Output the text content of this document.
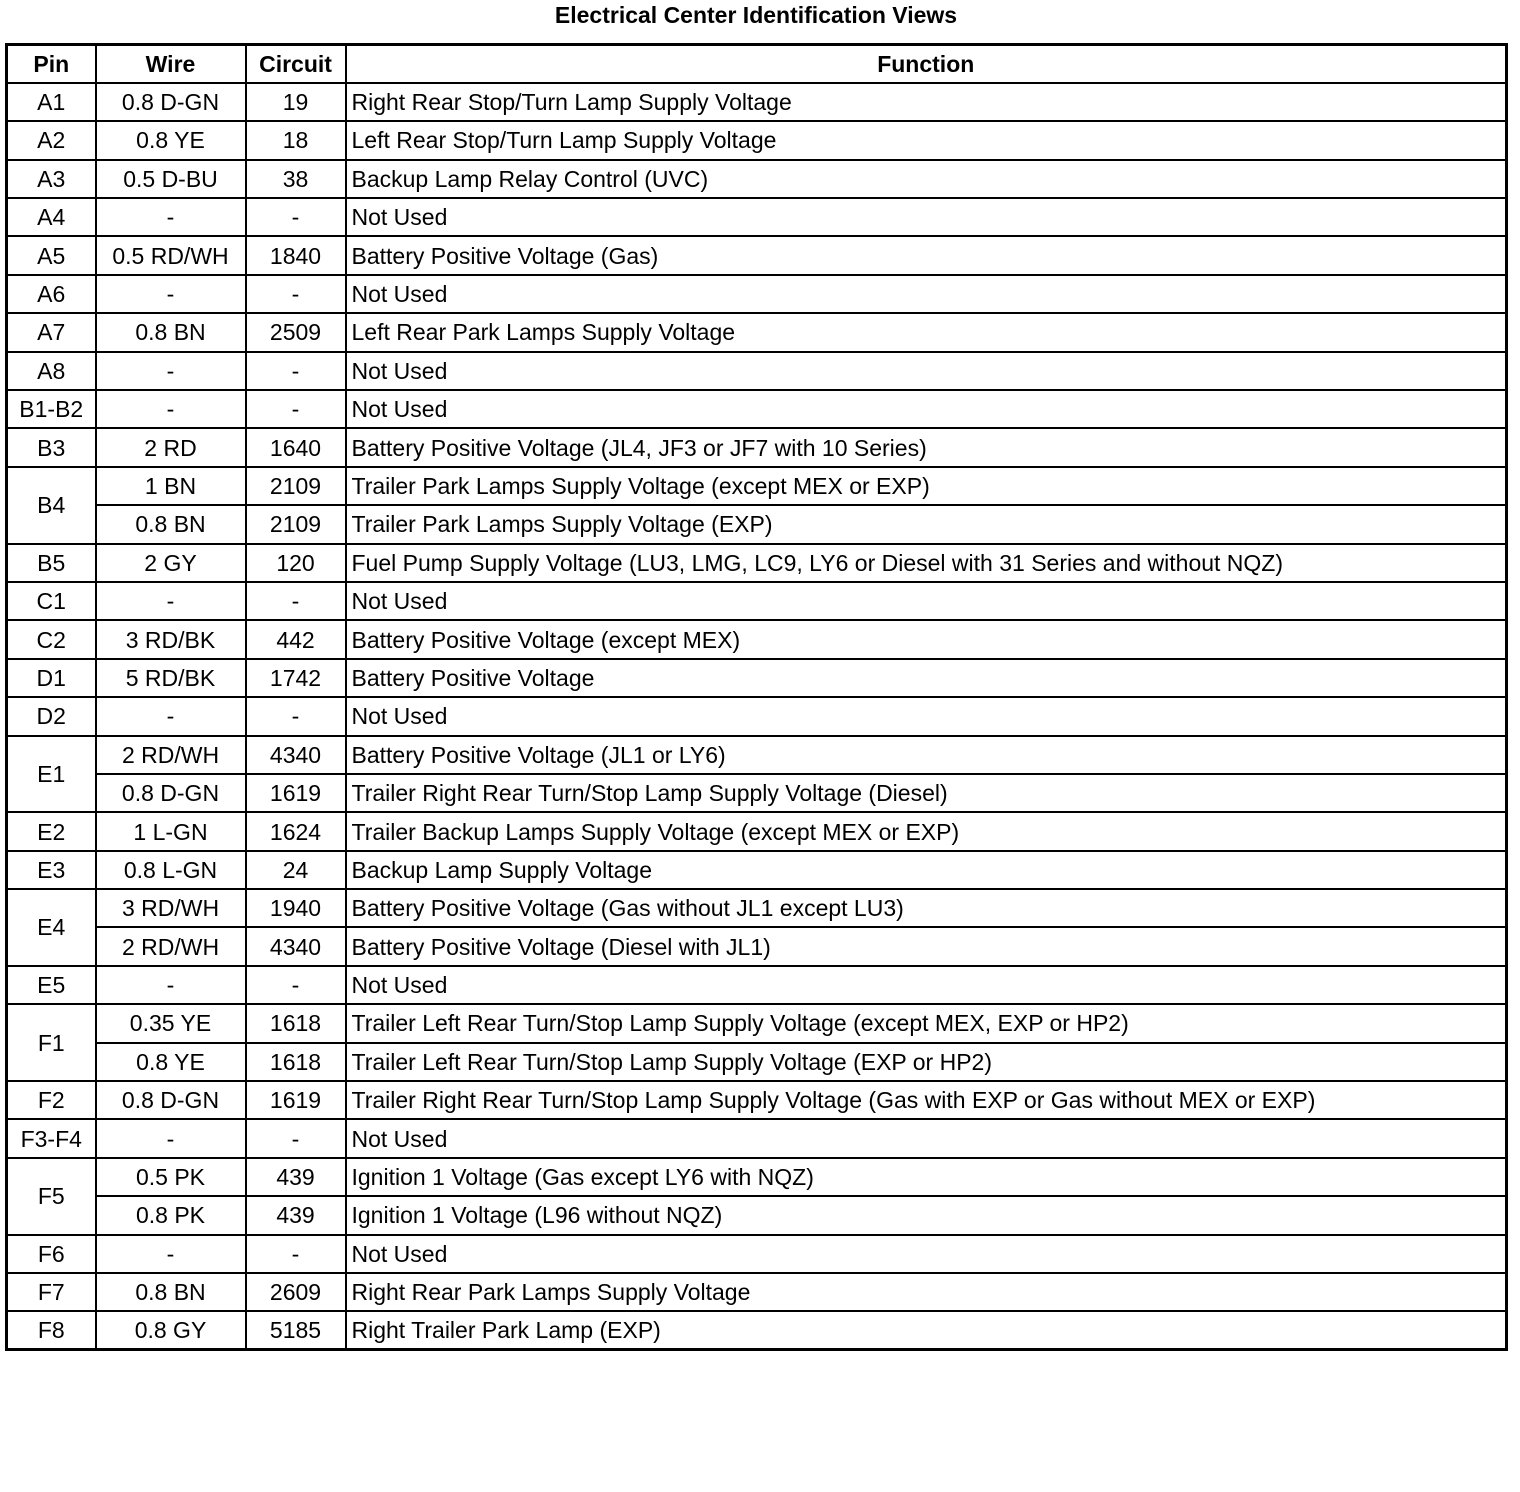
Electrical Center Identification Views
Pin	Wire	Circuit	Function
A1	0.8 D-GN	19	Right Rear Stop/Turn Lamp Supply Voltage
A2	0.8 YE	18	Left Rear Stop/Turn Lamp Supply Voltage
A3	0.5 D-BU	38	Backup Lamp Relay Control (UVC)
A4	-	-	Not Used
A5	0.5 RD/WH	1840	Battery Positive Voltage (Gas)
A6	-	-	Not Used
A7	0.8 BN	2509	Left Rear Park Lamps Supply Voltage
A8	-	-	Not Used
B1-B2	-	-	Not Used
B3	2 RD	1640	Battery Positive Voltage (JL4, JF3 or JF7 with 10 Series)
B4	1 BN	2109	Trailer Park Lamps Supply Voltage (except MEX or EXP)
	0.8 BN	2109	Trailer Park Lamps Supply Voltage (EXP)
B5	2 GY	120	Fuel Pump Supply Voltage (LU3, LMG, LC9, LY6 or Diesel with 31 Series and without NQZ)
C1	-	-	Not Used
C2	3 RD/BK	442	Battery Positive Voltage (except MEX)
D1	5 RD/BK	1742	Battery Positive Voltage
D2	-	-	Not Used
E1	2 RD/WH	4340	Battery Positive Voltage (JL1 or LY6)
	0.8 D-GN	1619	Trailer Right Rear Turn/Stop Lamp Supply Voltage (Diesel)
E2	1 L-GN	1624	Trailer Backup Lamps Supply Voltage (except MEX or EXP)
E3	0.8 L-GN	24	Backup Lamp Supply Voltage
E4	3 RD/WH	1940	Battery Positive Voltage (Gas without JL1 except LU3)
	2 RD/WH	4340	Battery Positive Voltage (Diesel with JL1)
E5	-	-	Not Used
F1	0.35 YE	1618	Trailer Left Rear Turn/Stop Lamp Supply Voltage (except MEX, EXP or HP2)
	0.8 YE	1618	Trailer Left Rear Turn/Stop Lamp Supply Voltage (EXP or HP2)
F2	0.8 D-GN	1619	Trailer Right Rear Turn/Stop Lamp Supply Voltage (Gas with EXP or Gas without MEX or EXP)
F3-F4	-	-	Not Used
F5	0.5 PK	439	Ignition 1 Voltage (Gas except LY6 with NQZ)
	0.8 PK	439	Ignition 1 Voltage (L96 without NQZ)
F6	-	-	Not Used
F7	0.8 BN	2609	Right Rear Park Lamps Supply Voltage
F8	0.8 GY	5185	Right Trailer Park Lamp (EXP)
